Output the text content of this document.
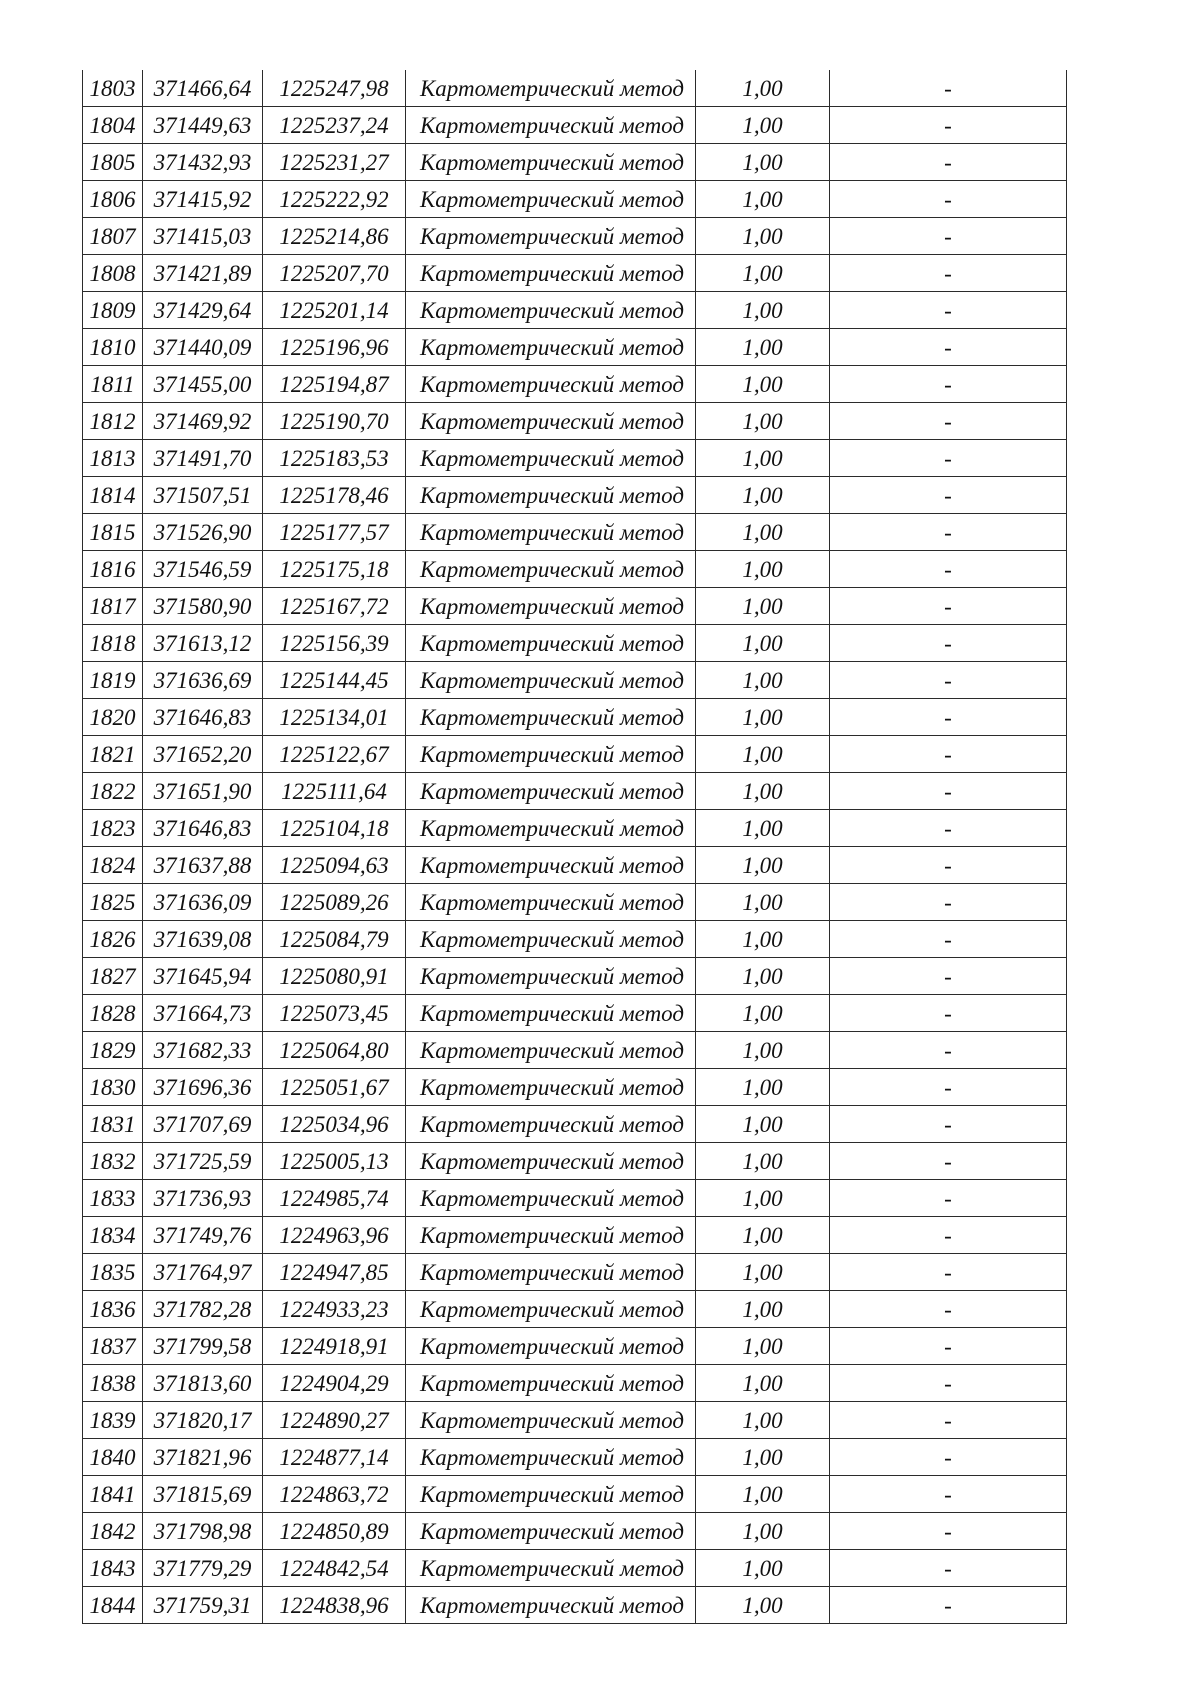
1803	371466,64	1225247,98	Картометрический метод	1,00	-
1804	371449,63	1225237,24	Картометрический метод	1,00	-
1805	371432,93	1225231,27	Картометрический метод	1,00	-
1806	371415,92	1225222,92	Картометрический метод	1,00	-
1807	371415,03	1225214,86	Картометрический метод	1,00	-
1808	371421,89	1225207,70	Картометрический метод	1,00	-
1809	371429,64	1225201,14	Картометрический метод	1,00	-
1810	371440,09	1225196,96	Картометрический метод	1,00	-
1811	371455,00	1225194,87	Картометрический метод	1,00	-
1812	371469,92	1225190,70	Картометрический метод	1,00	-
1813	371491,70	1225183,53	Картометрический метод	1,00	-
1814	371507,51	1225178,46	Картометрический метод	1,00	-
1815	371526,90	1225177,57	Картометрический метод	1,00	-
1816	371546,59	1225175,18	Картометрический метод	1,00	-
1817	371580,90	1225167,72	Картометрический метод	1,00	-
1818	371613,12	1225156,39	Картометрический метод	1,00	-
1819	371636,69	1225144,45	Картометрический метод	1,00	-
1820	371646,83	1225134,01	Картометрический метод	1,00	-
1821	371652,20	1225122,67	Картометрический метод	1,00	-
1822	371651,90	1225111,64	Картометрический метод	1,00	-
1823	371646,83	1225104,18	Картометрический метод	1,00	-
1824	371637,88	1225094,63	Картометрический метод	1,00	-
1825	371636,09	1225089,26	Картометрический метод	1,00	-
1826	371639,08	1225084,79	Картометрический метод	1,00	-
1827	371645,94	1225080,91	Картометрический метод	1,00	-
1828	371664,73	1225073,45	Картометрический метод	1,00	-
1829	371682,33	1225064,80	Картометрический метод	1,00	-
1830	371696,36	1225051,67	Картометрический метод	1,00	-
1831	371707,69	1225034,96	Картометрический метод	1,00	-
1832	371725,59	1225005,13	Картометрический метод	1,00	-
1833	371736,93	1224985,74	Картометрический метод	1,00	-
1834	371749,76	1224963,96	Картометрический метод	1,00	-
1835	371764,97	1224947,85	Картометрический метод	1,00	-
1836	371782,28	1224933,23	Картометрический метод	1,00	-
1837	371799,58	1224918,91	Картометрический метод	1,00	-
1838	371813,60	1224904,29	Картометрический метод	1,00	-
1839	371820,17	1224890,27	Картометрический метод	1,00	-
1840	371821,96	1224877,14	Картометрический метод	1,00	-
1841	371815,69	1224863,72	Картометрический метод	1,00	-
1842	371798,98	1224850,89	Картометрический метод	1,00	-
1843	371779,29	1224842,54	Картометрический метод	1,00	-
1844	371759,31	1224838,96	Картометрический метод	1,00	-
